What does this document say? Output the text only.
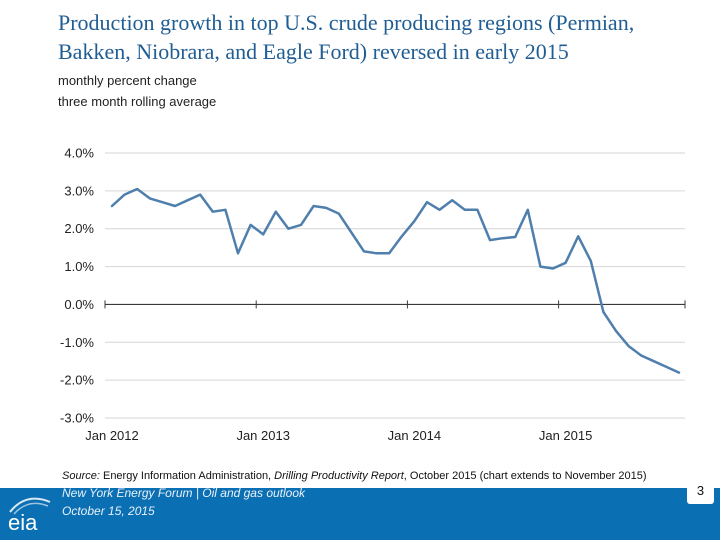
Production growth in top U.S. crude producing regions (Permian, Bakken, Niobrara, and Eagle Ford) reversed in early 2015
monthly percent change
three month rolling average
4.0%
3.0%
2.0%
1.0%
0.0%
-1.0%
-2.0%
-3.0%
Jan 2012	Jan 2013	Jan 2014	Jan 2015
Source: Energy Information Administration, Drilling Productivity Report, October 2015 (chart extends to November 2015)
eia
New York Energy Forum | Oil and gas outlook
October 15, 2015
3
